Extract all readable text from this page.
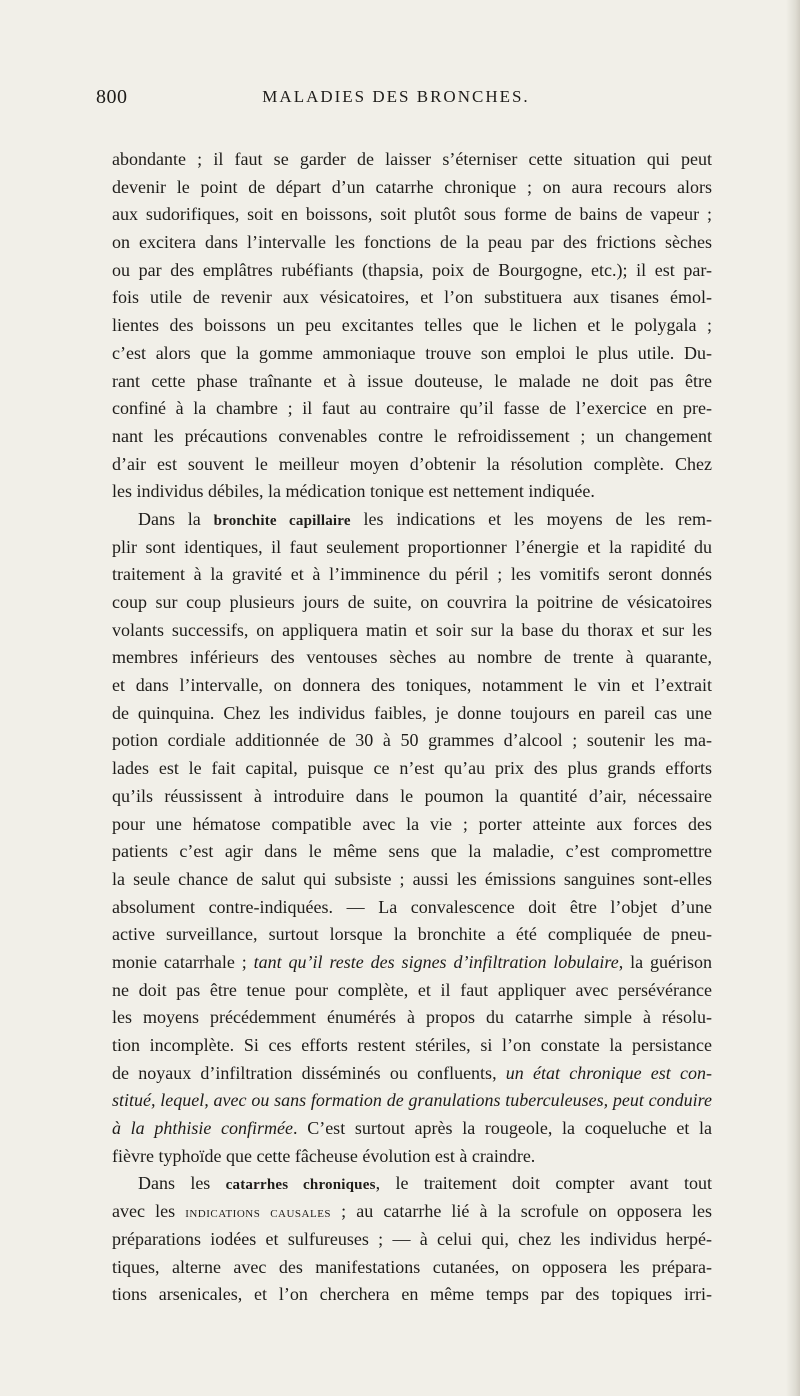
800	MALADIES DES BRONCHES.
abondante ; il faut se garder de laisser s’éterniser cette situation qui peut
devenir le point de départ d’un catarrhe chronique ; on aura recours alors
aux sudorifiques, soit en boissons, soit plutôt sous forme de bains de vapeur ;
on excitera dans l’intervalle les fonctions de la peau par des frictions sèches
ou par des emplâtres rubéfiants (thapsia, poix de Bourgogne, etc.); il est par-
fois utile de revenir aux vésicatoires, et l’on substituera aux tisanes émol-
lientes des boissons un peu excitantes telles que le lichen et le polygala ;
c’est alors que la gomme ammoniaque trouve son emploi le plus utile. Du-
rant cette phase traînante et à issue douteuse, le malade ne doit pas être
confiné à la chambre ; il faut au contraire qu’il fasse de l’exercice en pre-
nant les précautions convenables contre le refroidissement ; un changement
d’air est souvent le meilleur moyen d’obtenir la résolution complète. Chez
les individus débiles, la médication tonique est nettement indiquée.
Dans la bronchite capillaire les indications et les moyens de les rem-
plir sont identiques, il faut seulement proportionner l’énergie et la rapidité du
traitement à la gravité et à l’imminence du péril ; les vomitifs seront donnés
coup sur coup plusieurs jours de suite, on couvrira la poitrine de vésicatoires
volants successifs, on appliquera matin et soir sur la base du thorax et sur les
membres inférieurs des ventouses sèches au nombre de trente à quarante,
et dans l’intervalle, on donnera des toniques, notamment le vin et l’extrait
de quinquina. Chez les individus faibles, je donne toujours en pareil cas une
potion cordiale additionnée de 30 à 50 grammes d’alcool ; soutenir les ma-
lades est le fait capital, puisque ce n’est qu’au prix des plus grands efforts
qu’ils réussissent à introduire dans le poumon la quantité d’air, nécessaire
pour une hématose compatible avec la vie ; porter atteinte aux forces des
patients c’est agir dans le même sens que la maladie, c’est compromettre
la seule chance de salut qui subsiste ; aussi les émissions sanguines sont-elles
absolument contre-indiquées. — La convalescence doit être l’objet d’une
active surveillance, surtout lorsque la bronchite a été compliquée de pneu-
monie catarrhale ; tant qu’il reste des signes d’infiltration lobulaire, la guérison
ne doit pas être tenue pour complète, et il faut appliquer avec persévérance
les moyens précédemment énumérés à propos du catarrhe simple à résolu-
tion incomplète. Si ces efforts restent stériles, si l’on constate la persistance
de noyaux d’infiltration disséminés ou confluents, un état chronique est con-
stitué, lequel, avec ou sans formation de granulations tuberculeuses, peut conduire
à la phthisie confirmée. C’est surtout après la rougeole, la coqueluche et la
fièvre typhoïde que cette fâcheuse évolution est à craindre.
Dans les catarrhes chroniques, le traitement doit compter avant tout
avec les indications causales ; au catarrhe lié à la scrofule on opposera les
préparations iodées et sulfureuses ; — à celui qui, chez les individus herpé-
tiques, alterne avec des manifestations cutanées, on opposera les prépara-
tions arsenicales, et l’on cherchera en même temps par des topiques irri-
